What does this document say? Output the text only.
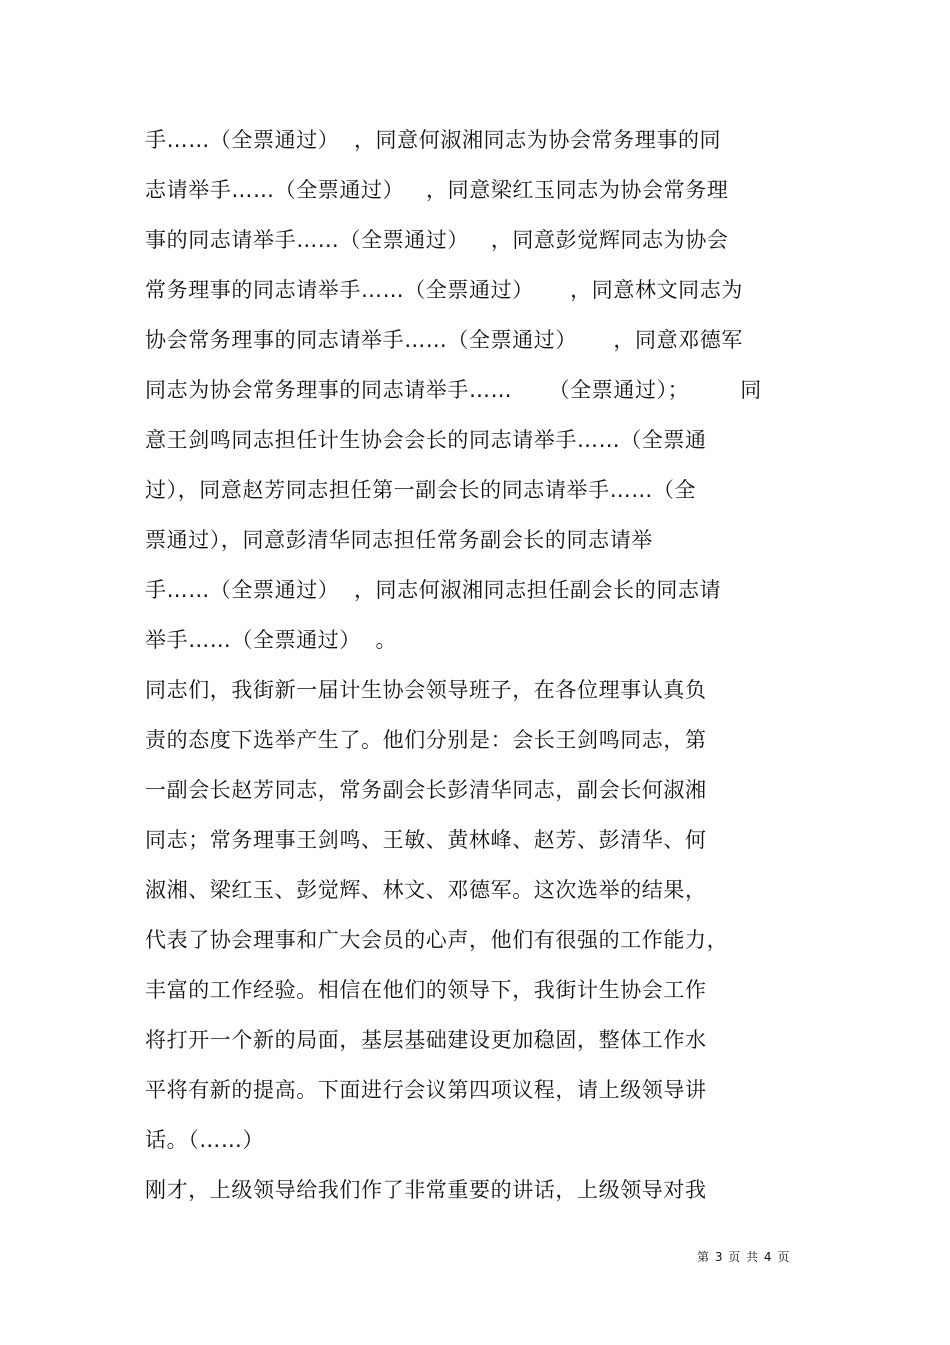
手……（全票通过）  ，同意何淑湘同志为协会常务理事的同
志请举手……（全票通过）   ，同意梁红玉同志为协会常务理
事的同志请举手……（全票通过）   ，同意彭觉辉同志为协会
常务理事的同志请举手……（全票通过）     ，同意林文同志为
协会常务理事的同志请举手……（全票通过）     ，同意邓德军
同志为协会常务理事的同志请举手……     （全票通过）；       同
意王剑鸣同志担任计生协会会长的同志请举手……（全票通
过），同意赵芳同志担任第一副会长的同志请举手……（全
票通过），同意彭清华同志担任常务副会长的同志请举
手……（全票通过）  ，同志何淑湘同志担任副会长的同志请
举手……（全票通过）  。
同志们，我街新一届计生协会领导班子，在各位理事认真负
责的态度下选举产生了。他们分别是：会长王剑鸣同志，第
一副会长赵芳同志，常务副会长彭清华同志，副会长何淑湘
同志；常务理事王剑鸣、王敏、黄林峰、赵芳、彭清华、何
淑湘、梁红玉、彭觉辉、林文、邓德军。这次选举的结果，
代表了协会理事和广大会员的心声，他们有很强的工作能力，
丰富的工作经验。相信在他们的领导下，我街计生协会工作
将打开一个新的局面，基层基础建设更加稳固，整体工作水
平将有新的提高。下面进行会议第四项议程，请上级领导讲
话。（……）
刚才，上级领导给我们作了非常重要的讲话，上级领导对我
第 3 页 共 4 页
